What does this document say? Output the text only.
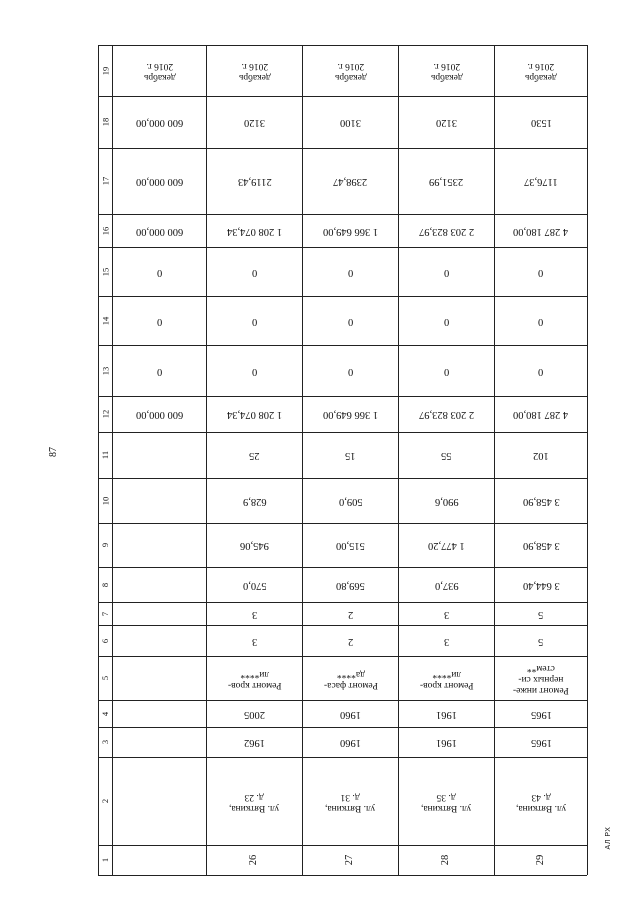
87
АЛ РХ
1
2
3
4
5
6
7
8
9
10
11
12
13
14
15
16
17
18
19
600 000,00
0
0
0
600 000,00
600 000,00
600 000,00
декабрь
2016 г.
26
ул. Вяткина,
д. 23
1962
2005
Ремонт кров-
ли****
3
3
570,0
945,06
628,9
25
1 208 074,34
0
0
0
1 208 074,34
2119,43
3120
декабрь
2016 г.
27
ул. Вяткина,
д. 31
1960
1960
Ремонт фаса-
да****
2
2
569,80
515,00
509,0
15
1 366 649,00
0
0
0
1 366 649,00
2398,47
3100
декабрь
2016 г.
28
ул. Вяткина,
д. 35
1961
1961
Ремонт кров-
ли****
3
3
937,0
1 477,20
990,6
55
2 203 823,97
0
0
0
2 203 823,97
2351,99
3120
декабрь
2016 г.
29
ул. Вяткина,
д. 43
1965
1965
Ремонт инже-
нерных си-
стем**
5
5
3 644,40
3 458,90
3 458,90
102
4 287 180,00
0
0
0
4 287 180,00
1176,37
1530
декабрь
2016 г.
